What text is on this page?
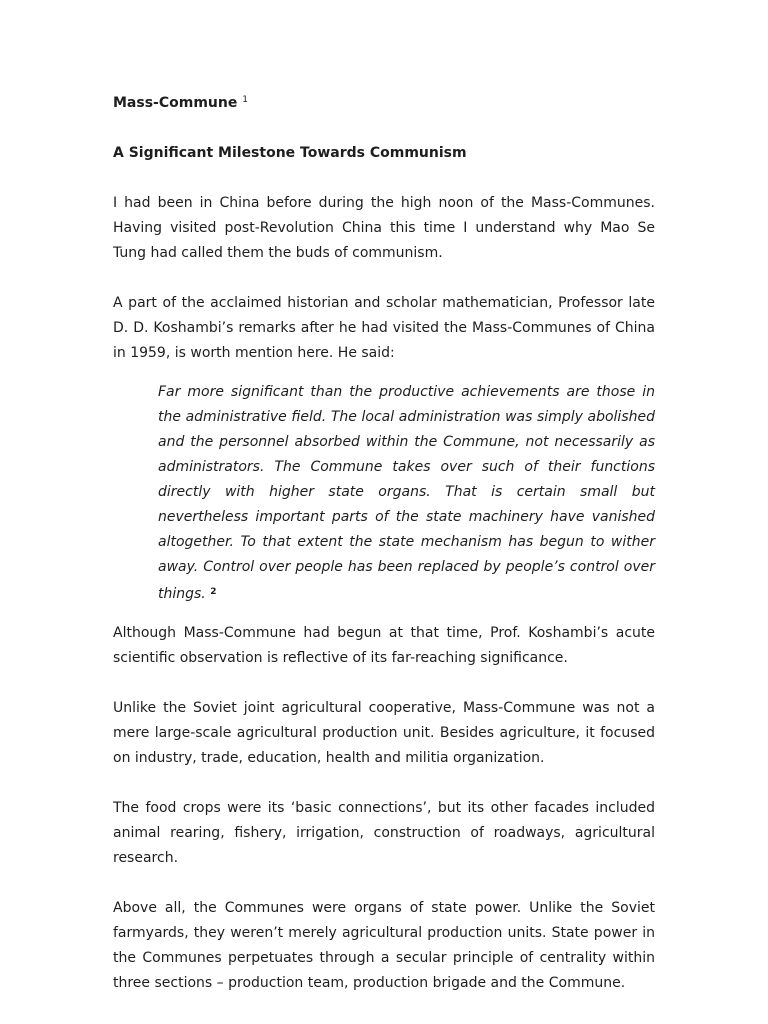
Mass-Commune $^1$

A Significant Milestone Towards Communism

I had been in China before during the high noon of the Mass-Communes. Having visited post-Revolution China this time I understand why Mao Se Tung had called them the buds of communism.

A part of the acclaimed historian and scholar mathematician, Professor late D. D. Koshambi’s remarks after he had visited the Mass-Communes of China in 1959, is worth mention here. He said:

Far more significant than the productive achievements are those in the administrative field. The local administration was simply abolished and the personnel absorbed within the Commune, not necessarily as administrators. The Commune takes over such of their functions directly with higher state organs. That is certain small but nevertheless important parts of the state machinery have vanished altogether. To that extent the state mechanism has begun to wither away. Control over people has been replaced by people’s control over things. $^2$

Although Mass-Commune had begun at that time, Prof. Koshambi’s acute scientific observation is reflective of its far-reaching significance.

Unlike the Soviet joint agricultural cooperative, Mass-Commune was not a mere large-scale agricultural production unit. Besides agriculture, it focused on industry, trade, education, health and militia organization.

The food crops were its ‘basic connections’, but its other facades included animal rearing, fishery, irrigation, construction of roadways, agricultural research.

Above all, the Communes were organs of state power. Unlike the Soviet farmyards, they weren’t merely agricultural production units. State power in the Communes perpetuates through a secular principle of centrality within three sections – production team, production brigade and the Commune.
